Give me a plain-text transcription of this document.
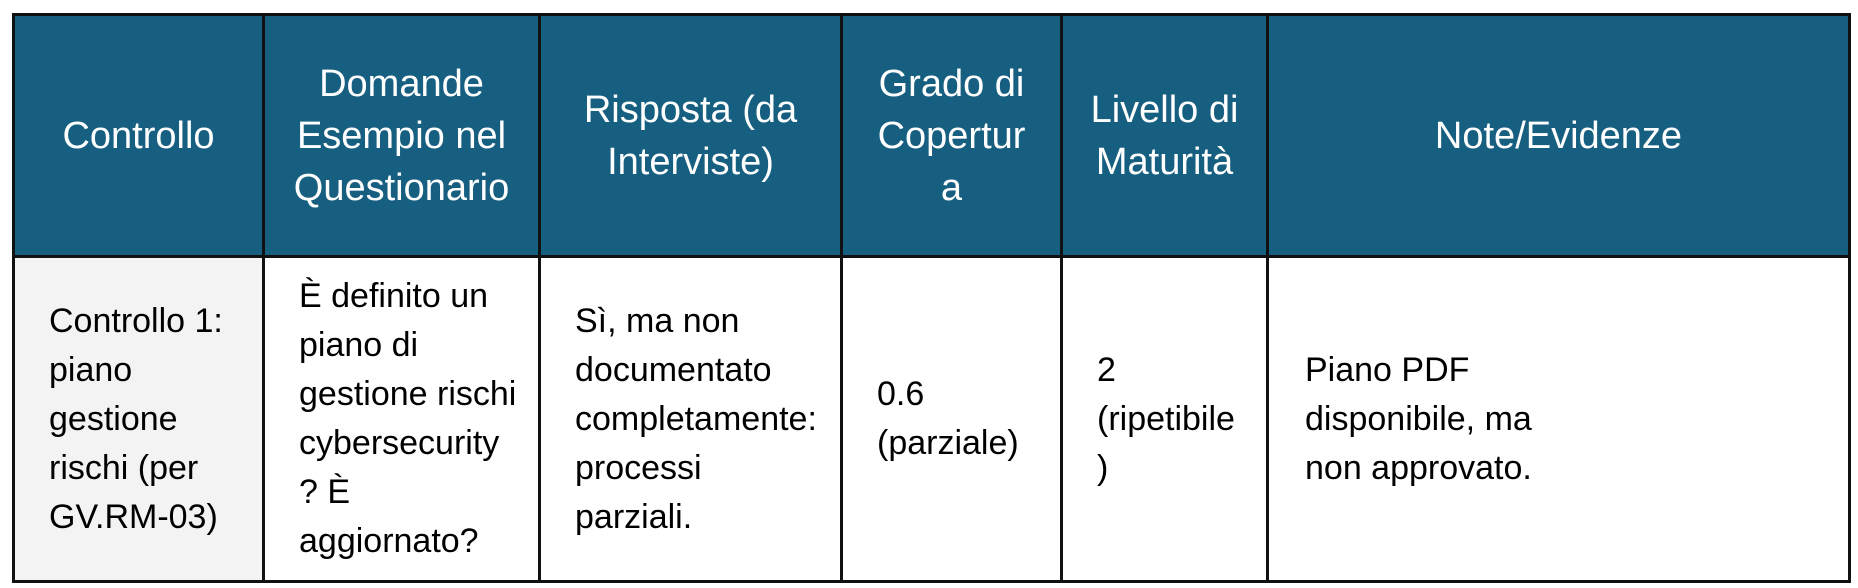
Controllo	Domande Esempio nel Questionario	Risposta (da Interviste)	Grado di Copertura	Livello di Maturità	Note/Evidenze

Controllo 1: piano gestione rischi (per GV.RM-03)	È definito un piano di gestione rischi cybersecurity? È aggiornato?	Sì, ma non documentato completamente: processi parziali.	0.6 (parziale)	2 (ripetibile)	Piano PDF disponibile, ma non approvato.
